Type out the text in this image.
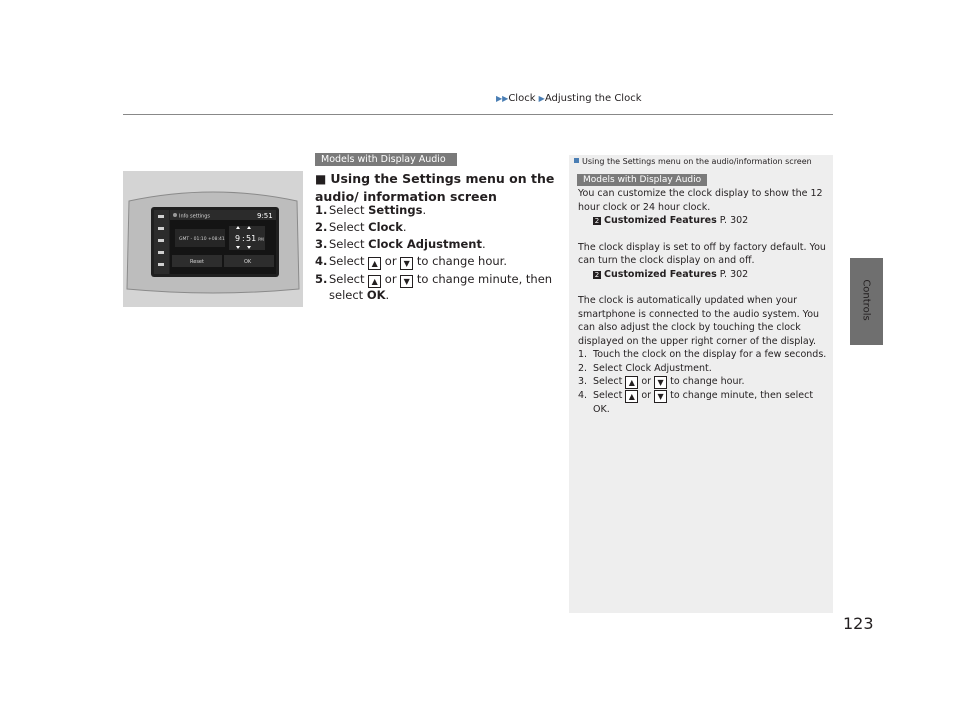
▶▶Clock ▶Adjusting the Clock
Controls
Info settings	9:51
GMT - 01:10 +08:41 9 : 51 PM
Reset	OK
Models with Display Audio
■ Using the Settings menu on the audio/ information screen
1. Select Settings.
2. Select Clock.
3. Select Clock Adjustment.
4. Select ▲ or ▼ to change hour.
5. Select ▲ or ▼ to change minute, then select OK.
Using the Settings menu on the audio/information screen
Models with Display Audio

You can customize the clock display to show the 12 hour clock or 24 hour clock.

2 Customized Features P. 302

The clock display is set to off by factory default. You can turn the clock display on and off.

2 Customized Features P. 302

The clock is automatically updated when your smartphone is connected to the audio system. You can also adjust the clock by touching the clock displayed on the upper right corner of the display.

1. Touch the clock on the display for a few seconds.
2. Select Clock Adjustment.
3. Select ▲ or ▼ to change hour.
4. Select ▲ or ▼ to change minute, then select OK.
123
